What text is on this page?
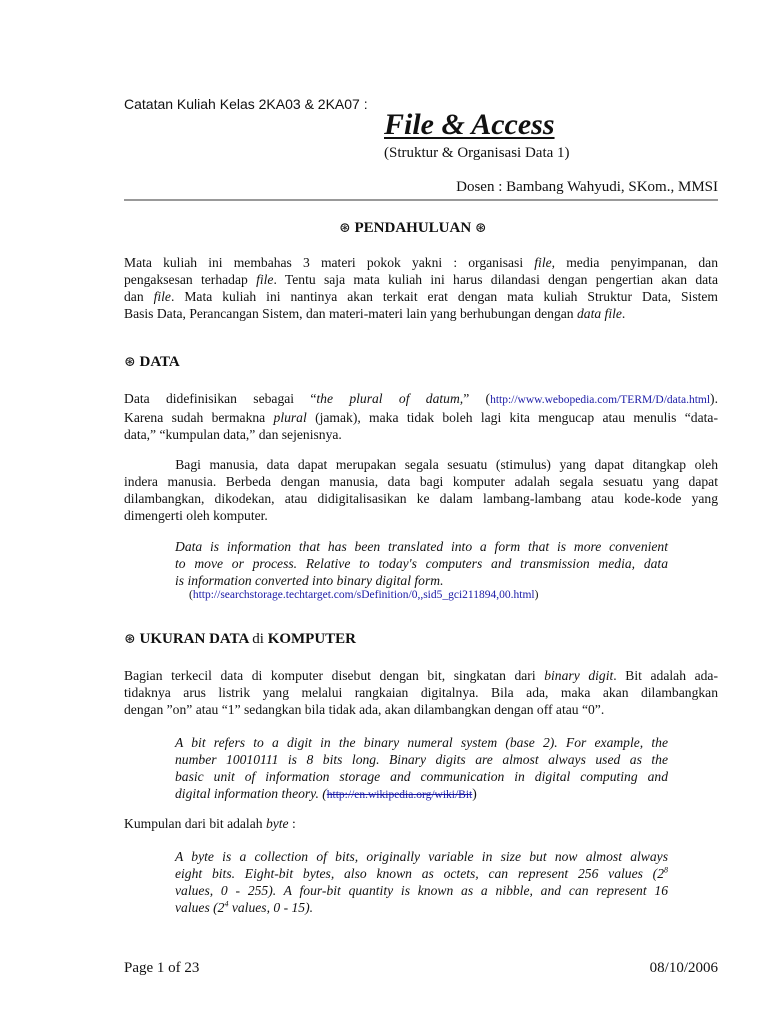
Catatan Kuliah Kelas 2KA03 & 2KA07 :
File & Access
(Struktur & Organisasi Data 1)
Dosen : Bambang Wahyudi, SKom., MMSI
⊛ PENDAHULUAN ⊛
Mata kuliah ini membahas 3 materi pokok yakni : organisasi file, media penyimpanan, dan
pengaksesan terhadap file. Tentu saja mata kuliah ini harus dilandasi dengan pengertian akan data
dan file. Mata kuliah ini nantinya akan terkait erat dengan mata kuliah Struktur Data, Sistem
Basis Data, Perancangan Sistem, dan materi-materi lain yang berhubungan dengan data file.
⊛ DATA
Data didefinisikan sebagai “the plural of datum,” (http://www.webopedia.com/TERM/D/data.html).
Karena sudah bermakna plural (jamak), maka tidak boleh lagi kita mengucap atau menulis “data-
data,” “kumpulan data,” dan sejenisnya.
Bagi manusia, data dapat merupakan segala sesuatu (stimulus) yang dapat ditangkap oleh
indera manusia. Berbeda dengan manusia, data bagi komputer adalah segala sesuatu yang dapat
dilambangkan, dikodekan, atau didigitalisasikan ke dalam lambang-lambang atau kode-kode yang
dimengerti oleh komputer.
Data is information that has been translated into a form that is more convenient
to move or process. Relative to today's computers and transmission media, data
is information converted into binary digital form.
(http://searchstorage.techtarget.com/sDefinition/0,,sid5_gci211894,00.html)
⊛ UKURAN DATA di KOMPUTER
Bagian terkecil data di komputer disebut dengan bit, singkatan dari binary digit. Bit adalah ada-
tidaknya arus listrik yang melalui rangkaian digitalnya. Bila ada, maka akan dilambangkan
dengan ”on” atau “1” sedangkan bila tidak ada, akan dilambangkan dengan off atau “0”.
A bit refers to a digit in the binary numeral system (base 2). For example, the
number 10010111 is 8 bits long. Binary digits are almost always used as the
basic unit of information storage and communication in digital computing and
digital information theory. (http://en.wikipedia.org/wiki/Bit)
Kumpulan dari bit adalah byte :
A byte is a collection of bits, originally variable in size but now almost always
eight bits. Eight-bit bytes, also known as octets, can represent 256 values ($2^8$
values, 0 - 255). A four-bit quantity is known as a nibble, and can represent 16
values ($2^4$ values, 0 - 15).
Page 1 of 23	08/10/2006
